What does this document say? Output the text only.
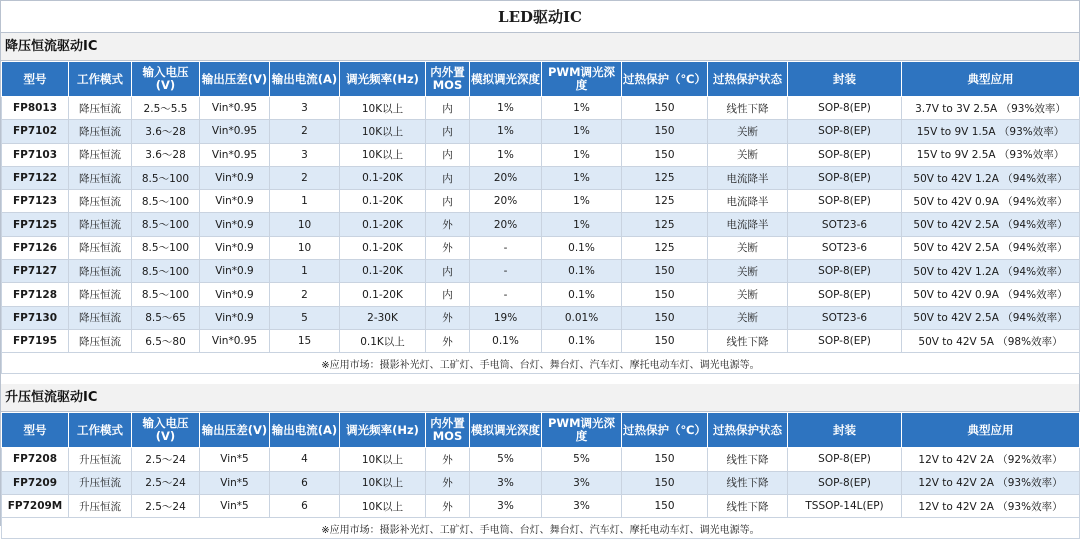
LED驱动IC
降压恒流驱动IC
型号	工作模式	输入电压 (V)	输出压差(V)	输出电流(A)	调光频率(Hz)	内外置 MOS	模拟调光深度	PWM调光深度	过热保护（℃）	过热保护状态	封装	典型应用
FP8013	降压恒流	2.5～5.5	Vin*0.95	3	10K以上	内	1%	1%	150	线性下降	SOP-8(EP)	3.7V to 3V 2.5A （93%效率）
FP7102	降压恒流	3.6～28	Vin*0.95	2	10K以上	内	1%	1%	150	关断	SOP-8(EP)	15V to 9V 1.5A （93%效率）
FP7103	降压恒流	3.6～28	Vin*0.95	3	10K以上	内	1%	1%	150	关断	SOP-8(EP)	15V to 9V 2.5A （93%效率）
FP7122	降压恒流	8.5～100	Vin*0.9	2	0.1-20K	内	20%	1%	125	电流降半	SOP-8(EP)	50V to 42V 1.2A （94%效率）
FP7123	降压恒流	8.5～100	Vin*0.9	1	0.1-20K	内	20%	1%	125	电流降半	SOP-8(EP)	50V to 42V 0.9A （94%效率）
FP7125	降压恒流	8.5～100	Vin*0.9	10	0.1-20K	外	20%	1%	125	电流降半	SOT23-6	50V to 42V 2.5A （94%效率）
FP7126	降压恒流	8.5～100	Vin*0.9	10	0.1-20K	外	-	0.1%	125	关断	SOT23-6	50V to 42V 2.5A （94%效率）
FP7127	降压恒流	8.5～100	Vin*0.9	1	0.1-20K	内	-	0.1%	150	关断	SOP-8(EP)	50V to 42V 1.2A （94%效率）
FP7128	降压恒流	8.5～100	Vin*0.9	2	0.1-20K	内	-	0.1%	150	关断	SOP-8(EP)	50V to 42V 0.9A （94%效率）
FP7130	降压恒流	8.5～65	Vin*0.9	5	2-30K	外	19%	0.01%	150	关断	SOT23-6	50V to 42V 2.5A （94%效率）
FP7195	降压恒流	6.5～80	Vin*0.95	15	0.1K以上	外	0.1%	0.1%	150	线性下降	SOP-8(EP)	50V to 42V 5A （98%效率）
※应用市场：摄影补光灯、工矿灯、手电筒、台灯、舞台灯、汽车灯、摩托电动车灯、调光电源等。												
升压恒流驱动IC
型号	工作模式	输入电压 (V)	输出压差(V)	输出电流(A)	调光频率(Hz)	内外置 MOS	模拟调光深度	PWM调光深度	过热保护（℃）	过热保护状态	封装	典型应用
FP7208	升压恒流	2.5～24	Vin*5	4	10K以上	外	5%	5%	150	线性下降	SOP-8(EP)	12V to 42V 2A （92%效率）
FP7209	升压恒流	2.5～24	Vin*5	6	10K以上	外	3%	3%	150	线性下降	SOP-8(EP)	12V to 42V 2A （93%效率）
FP7209M	升压恒流	2.5～24	Vin*5	6	10K以上	外	3%	3%	150	线性下降	TSSOP-14L(EP)	12V to 42V 2A （93%效率）
※应用市场：摄影补光灯、工矿灯、手电筒、台灯、舞台灯、汽车灯、摩托电动车灯、调光电源等。												
